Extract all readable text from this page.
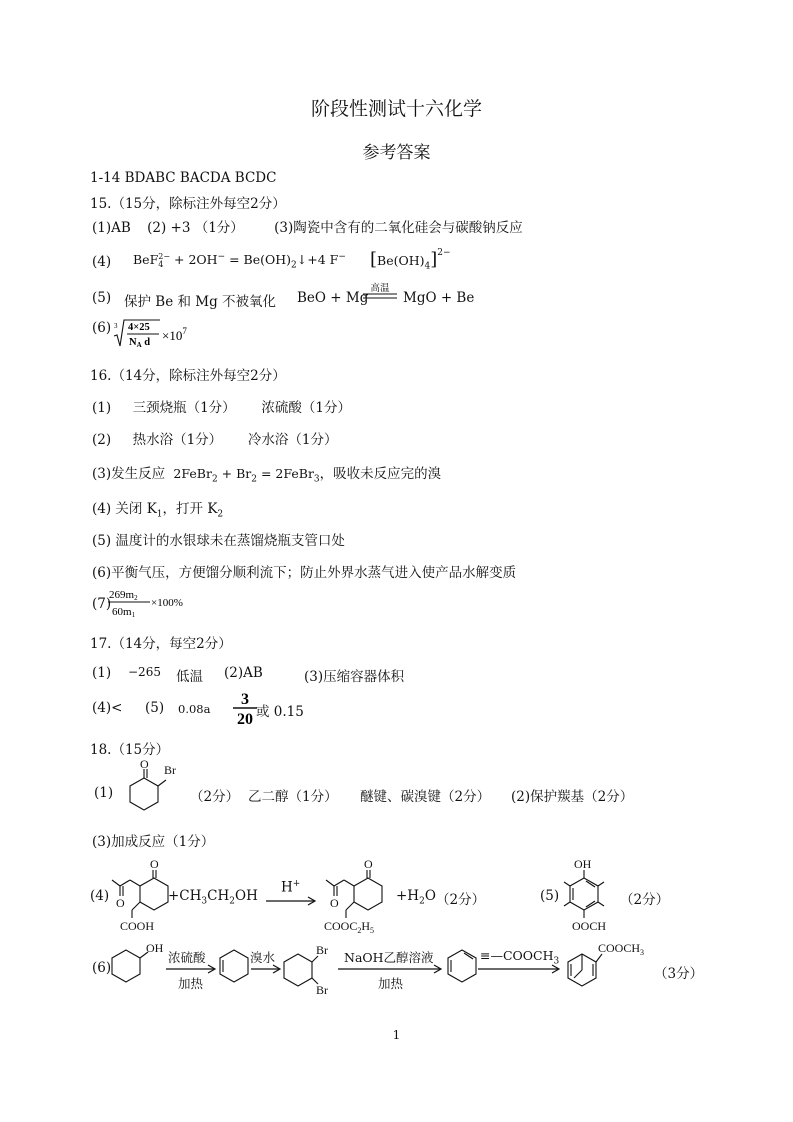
阶段性测试十六化学
参考答案
1-14 BDABC BACDA BCDC
15.（15分，除标注外每空2分）
(1)AB (2) +3 （1分） (3)陶瓷中含有的二氧化硅会与碳酸钠反应
(4) BeF 2−
$4 + 2OH^- = Be(OH)_2↓+4$ F− $[Be(OH)_4]^{2-}$
(5) 保护 Be 和 Mg 不被氧化 BeO + Mg
高温
MgO + Be
(6) 3 4×25
NA $d \times 10^7$
16.（14分，除标注外每空2分）
(1)     三颈烧瓶（1分）      浓硫酸（1分）
(2)     热水浴（1分）      冷水浴（1分）
(3)发生反应 2FeBr$_2$ + $Br_2$ = 2FeBr$_3$，吸收未反应完的溴
(4) 关闭 $K_1$，打开 $K_2$
(5) 温度计的水银球未在蒸馏烧瓶支管口处
(6)平衡气压，方便馏分顺利流下；防止外界水蒸气进入使产品水解变质
(7)
269m2
60m1
×100%
17.（14分，每空2分）
(1) −265 低温 (2)AB	(3)压缩容器体积
(4)< (5) 0.08a
3
20 或 0.15
18.（15分）
(1)
O Br
（2分） 乙二醇（1分） 醚键、碳溴键（2分） (2)保护羰基（2分）
(3)加成反应（1分）
(4)
O
O
COOH
$+CH_3CH_2OH$
H+
O
O
$COOC_2H_5$
$+H_2O$ （2分）	(5)
OH
OOCH
（2分）
(6)
OH
浓硫酸
加热
溴水	Br
Br
NaOH乙醇溶液
加热
$\equiv—COOCH_3$
$COOCH_3$
（3分）
1
